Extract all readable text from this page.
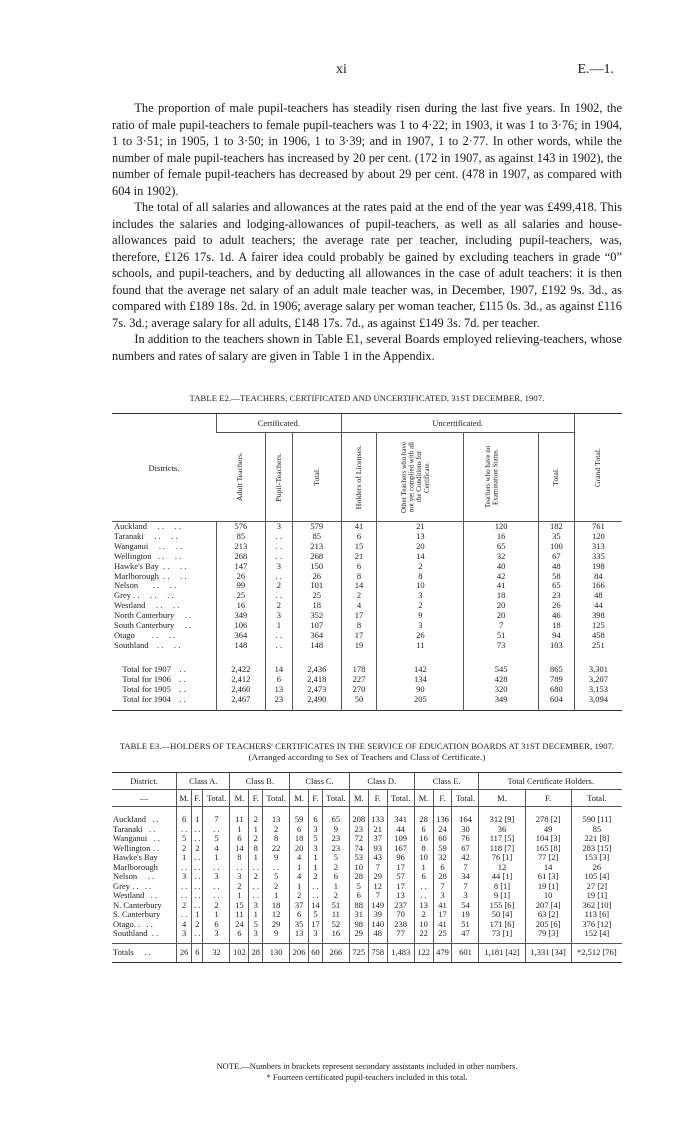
xi	E.—1.

The proportion of male pupil-teachers has steadily risen during the last five years. In 1902, the ratio of male pupil-teachers to female pupil-teachers was 1 to 4·22; in 1903, it was 1 to 3·76; in 1904, 1 to 3·51; in 1905, 1 to 3·50; in 1906, 1 to 3·39; and in 1907, 1 to 2·77. In other words, while the number of male pupil-teachers has increased by 20 per cent. (172 in 1907, as against 143 in 1902), the number of female pupil-teachers has decreased by about 29 per cent. (478 in 1907, as compared with 604 in 1902).

The total of all salaries and allowances at the rates paid at the end of the year was £499,418. This includes the salaries and lodging-allowances of pupil-teachers, as well as all salaries and house-allowances paid to adult teachers; the average rate per teacher, including pupil-teachers, was, therefore, £126 17s. 1d. A fairer idea could probably be gained by excluding teachers in grade “0” schools, and pupil-teachers, and by deducting all allowances in the case of adult teachers: it is then found that the average net salary of an adult male teacher was, in December, 1907, £192 9s. 3d., as compared with £189 18s. 2d. in 1906; average salary per woman teacher, £115 0s. 3d., as against £116 7s. 3d.; average salary for all adults, £148 17s. 7d., as against £149 3s. 7d. per teacher.

In addition to the teachers shown in Table E1, several Boards employed relieving-teachers, whose numbers and rates of salary are given in Table 1 in the Appendix.

TABLE E2.—TEACHERS, CERTIFICATED AND UNCERTIFICATED, 31ST DECEMBER, 1907.
Districts.	Certificated.			Uncertificated.				Grand Total.

	Adult Teachers.	Pupil-Teachers.	Total.	Holders of Licenses.	Other Teachers who have not yet complied with all the Conditions for Certificate.	Teachers who have no Examination Status.	Total.	

Auckland     . .     . .	576	3	579	41	21	120	182	761
Taranaki     . .     . .	85	. .	85	6	13	16	35	120
Wanganui     . .     . .	213	. .	213	15	20	65	100	313
Wellington   . .     . .	268	. .	268	21	14	32	67	335
Hawke's Bay  . .     . .	147	3	150	6	2	40	48	198
Marlborough  . .     . .	26	. .	26	8	8	42	58	84
Nelson       . .     . .	99	2	101	14	10	41	65	166
Grey . .     . .     . .	25	. .	25	2	3	18	23	48
Westland     . .     . .	16	2	18	4	2	20	26	44
North Canterbury     . .	349	3	352	17	9	20	46	398
South Canterbury     . .	106	1	107	8	3	7	18	125
Otago        . .     . .	364	. .	364	17	26	51	94	458
Southland    . .     . .	148	. .	148	19	11	73	103	251

Total for 1907    . .	2,422	14	2,436	178	142	545	865	3,301
Total for 1906    . .	2,412	6	2,418	227	134	428	789	3,207
Total for 1905    . .	2,460	13	2,473	270	90	320	680	3,153
Total for 1904    . .	2,467	23	2,490	50	205	349	604	3,094

TABLE E3.—HOLDERS OF TEACHERS' CERTIFICATES IN THE SERVICE OF EDUCATION BOARDS AT 31ST DECEMBER, 1907.
(Arranged according to Sex of Teachers and Class of Certificate.)
District.	Class A.			Class B.			Class C.			Class D.			Class E.			Total Certificate Holders.		
—	M.	F.	Total.	M.	F.	Total.	M.	F.	Total.	M.	F.	Total.	M.	F.	Total.	M.	F.	Total.

Auckland   . .	6	1	7	11	2	13	59	6	65	208	133	341	28	136	164	312 [9]	278 [2]	590 [11]
Taranaki   . .	. .	. .	. .	1	1	2	6	3	9	23	21	44	6	24	30	36	49	85
Wanganui   . .	5	. .	5	6	2	8	18	5	23	72	37	109	16	60	76	117 [5]	104 [3]	221 [8]
Wellington . .	2	2	4	14	8	22	20	3	23	74	93	167	8	59	67	118 [7]	165 [8]	283 [15]
Hawke's Bay	1	. .	1	8	1	9	4	1	5	53	43	96	10	32	42	76 [1]	77 [2]	153 [3]
Marlborough	. .	. .	. .	. .	. .	. .	1	1	2	10	7	17	1	6	7	12	14	26
Nelson     . .	3	. .	3	3	2	5	4	2	6	28	29	57	6	28	34	44 [1]	61 [3]	105 [4]
Grey . .   . .	. .	. .	. .	2	. .	2	1	. .	1	5	12	17	. .	7	7	8 [1]	19 [1]	27 [2]
Westland   . .	. .	. .	. .	1	. .	1	2	. .	2	6	7	13	. .	3	3	9 [1]	10	19 [1]
N. Canterbury	2	. .	2	15	3	18	37	14	51	88	149	237	13	41	54	155 [6]	207 [4]	362 [10]
S. Canterbury	. .	1	1	11	1	12	6	5	11	31	39	70	2	17	19	50 [4]	63 [2]	113 [6]
Otago. .   . .	4	2	6	24	5	29	35	17	52	98	140	238	10	41	51	171 [6]	205 [6]	376 [12]
Southland  . .	3	. .	3	6	3	9	13	3	16	29	48	77	22	25	47	73 [1]	79 [3]	152 [4]

Totals     . .	26	6	32	102	28	130	206	60	266	725	758	1,483	122	479	601	1,181 [42]	1,331 [34]	*2,512 [76]
NOTE.—Numbers in brackets represent secondary assistants included in other numbers.
* Fourteen certificated pupil-teachers included in this total.
